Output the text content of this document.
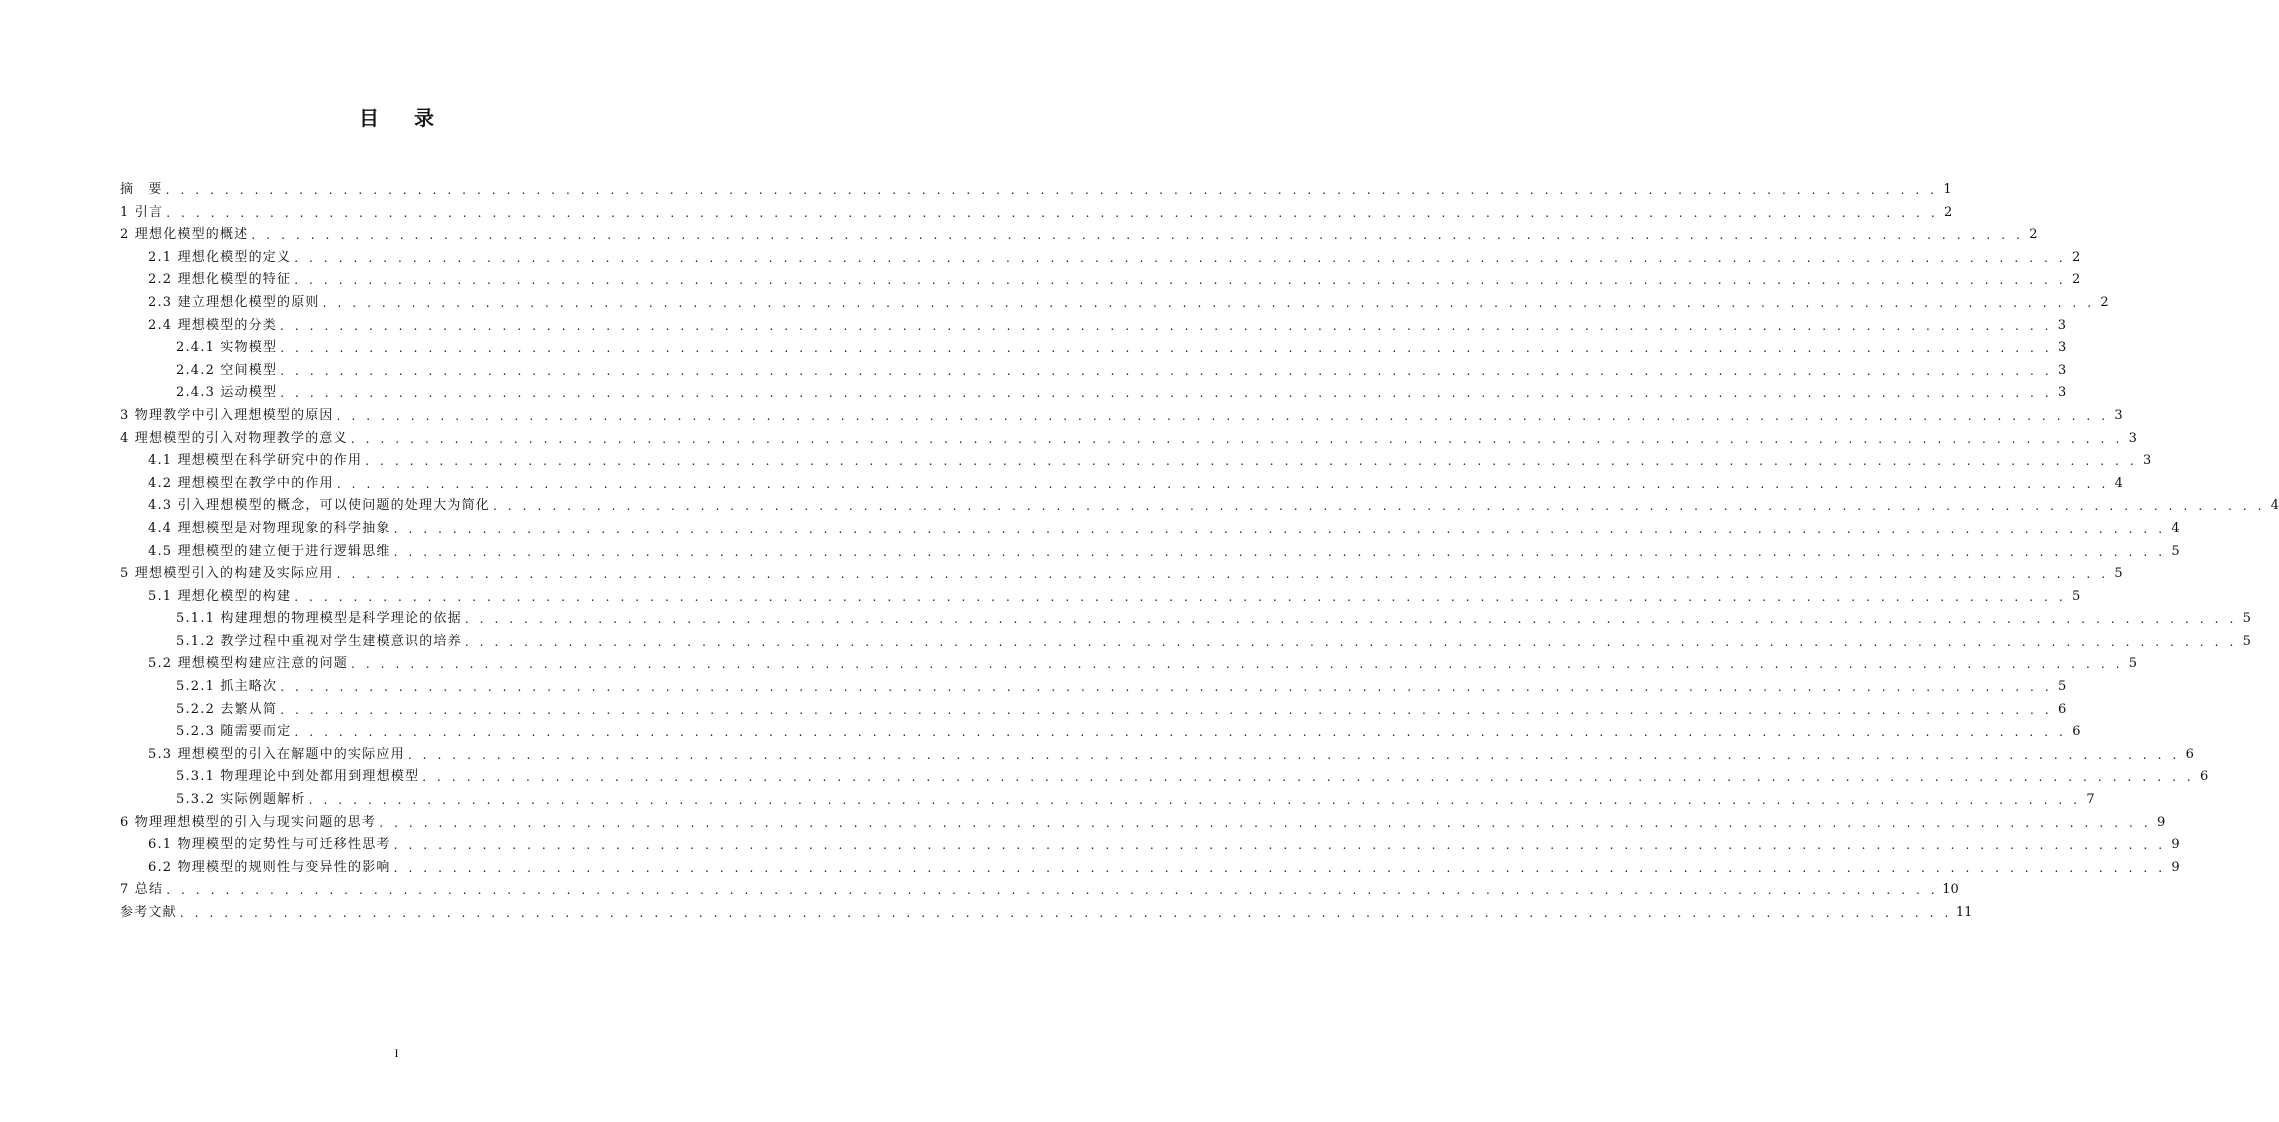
目 录
摘　要 . . . . . . . . . . . . . . . . . . . . . . . . . . . . . . . . . . . . . . . . . . . . . . . . . . . . . . . . . . . . . . . . . . . . . . . . . . . . . . . . . . . . . . . . . . . . . . . . . . . . . . . . . . . . . . . . . . . . . . . . 1
1 引言 . . . . . . . . . . . . . . . . . . . . . . . . . . . . . . . . . . . . . . . . . . . . . . . . . . . . . . . . . . . . . . . . . . . . . . . . . . . . . . . . . . . . . . . . . . . . . . . . . . . . . . . . . . . . . . . . . . . . . . . . 2
2 理想化模型的概述 . . . . . . . . . . . . . . . . . . . . . . . . . . . . . . . . . . . . . . . . . . . . . . . . . . . . . . . . . . . . . . . . . . . . . . . . . . . . . . . . . . . . . . . . . . . . . . . . . . . . . . . . . . . . . . . . . . . . . . . . 2
2.1 理想化模型的定义 . . . . . . . . . . . . . . . . . . . . . . . . . . . . . . . . . . . . . . . . . . . . . . . . . . . . . . . . . . . . . . . . . . . . . . . . . . . . . . . . . . . . . . . . . . . . . . . . . . . . . . . . . . . . . . . . . . . . . . . . 2
2.2 理想化模型的特征 . . . . . . . . . . . . . . . . . . . . . . . . . . . . . . . . . . . . . . . . . . . . . . . . . . . . . . . . . . . . . . . . . . . . . . . . . . . . . . . . . . . . . . . . . . . . . . . . . . . . . . . . . . . . . . . . . . . . . . . . 2
2.3 建立理想化模型的原则 . . . . . . . . . . . . . . . . . . . . . . . . . . . . . . . . . . . . . . . . . . . . . . . . . . . . . . . . . . . . . . . . . . . . . . . . . . . . . . . . . . . . . . . . . . . . . . . . . . . . . . . . . . . . . . . . . . . . . . . . 2
2.4 理想模型的分类 . . . . . . . . . . . . . . . . . . . . . . . . . . . . . . . . . . . . . . . . . . . . . . . . . . . . . . . . . . . . . . . . . . . . . . . . . . . . . . . . . . . . . . . . . . . . . . . . . . . . . . . . . . . . . . . . . . . . . . . . 3
2.4.1 实物模型 . . . . . . . . . . . . . . . . . . . . . . . . . . . . . . . . . . . . . . . . . . . . . . . . . . . . . . . . . . . . . . . . . . . . . . . . . . . . . . . . . . . . . . . . . . . . . . . . . . . . . . . . . . . . . . . . . . . . . . . . 3
2.4.2 空间模型 . . . . . . . . . . . . . . . . . . . . . . . . . . . . . . . . . . . . . . . . . . . . . . . . . . . . . . . . . . . . . . . . . . . . . . . . . . . . . . . . . . . . . . . . . . . . . . . . . . . . . . . . . . . . . . . . . . . . . . . . 3
2.4.3 运动模型 . . . . . . . . . . . . . . . . . . . . . . . . . . . . . . . . . . . . . . . . . . . . . . . . . . . . . . . . . . . . . . . . . . . . . . . . . . . . . . . . . . . . . . . . . . . . . . . . . . . . . . . . . . . . . . . . . . . . . . . . 3
3 物理教学中引入理想模型的原因 . . . . . . . . . . . . . . . . . . . . . . . . . . . . . . . . . . . . . . . . . . . . . . . . . . . . . . . . . . . . . . . . . . . . . . . . . . . . . . . . . . . . . . . . . . . . . . . . . . . . . . . . . . . . . . . . . . . . . . . . 3
4 理想模型的引入对物理教学的意义 . . . . . . . . . . . . . . . . . . . . . . . . . . . . . . . . . . . . . . . . . . . . . . . . . . . . . . . . . . . . . . . . . . . . . . . . . . . . . . . . . . . . . . . . . . . . . . . . . . . . . . . . . . . . . . . . . . . . . . . . 3
4.1 理想模型在科学研究中的作用 . . . . . . . . . . . . . . . . . . . . . . . . . . . . . . . . . . . . . . . . . . . . . . . . . . . . . . . . . . . . . . . . . . . . . . . . . . . . . . . . . . . . . . . . . . . . . . . . . . . . . . . . . . . . . . . . . . . . . . . . 3
4.2 理想模型在教学中的作用 . . . . . . . . . . . . . . . . . . . . . . . . . . . . . . . . . . . . . . . . . . . . . . . . . . . . . . . . . . . . . . . . . . . . . . . . . . . . . . . . . . . . . . . . . . . . . . . . . . . . . . . . . . . . . . . . . . . . . . . . 4
4.3 引入理想模型的概念，可以使问题的处理大为简化 . . . . . . . . . . . . . . . . . . . . . . . . . . . . . . . . . . . . . . . . . . . . . . . . . . . . . . . . . . . . . . . . . . . . . . . . . . . . . . . . . . . . . . . . . . . . . . . . . . . . . . . . . . . . . . . . . . . . . . . . 4
4.4 理想模型是对物理现象的科学抽象 . . . . . . . . . . . . . . . . . . . . . . . . . . . . . . . . . . . . . . . . . . . . . . . . . . . . . . . . . . . . . . . . . . . . . . . . . . . . . . . . . . . . . . . . . . . . . . . . . . . . . . . . . . . . . . . . . . . . . . . . 4
4.5 理想模型的建立便于进行逻辑思维 . . . . . . . . . . . . . . . . . . . . . . . . . . . . . . . . . . . . . . . . . . . . . . . . . . . . . . . . . . . . . . . . . . . . . . . . . . . . . . . . . . . . . . . . . . . . . . . . . . . . . . . . . . . . . . . . . . . . . . . . 5
5 理想模型引入的构建及实际应用 . . . . . . . . . . . . . . . . . . . . . . . . . . . . . . . . . . . . . . . . . . . . . . . . . . . . . . . . . . . . . . . . . . . . . . . . . . . . . . . . . . . . . . . . . . . . . . . . . . . . . . . . . . . . . . . . . . . . . . . . 5
5.1 理想化模型的构建 . . . . . . . . . . . . . . . . . . . . . . . . . . . . . . . . . . . . . . . . . . . . . . . . . . . . . . . . . . . . . . . . . . . . . . . . . . . . . . . . . . . . . . . . . . . . . . . . . . . . . . . . . . . . . . . . . . . . . . . . 5
5.1.1 构建理想的物理模型是科学理论的依据 . . . . . . . . . . . . . . . . . . . . . . . . . . . . . . . . . . . . . . . . . . . . . . . . . . . . . . . . . . . . . . . . . . . . . . . . . . . . . . . . . . . . . . . . . . . . . . . . . . . . . . . . . . . . . . . . . . . . . . . . 5
5.1.2 教学过程中重视对学生建模意识的培养 . . . . . . . . . . . . . . . . . . . . . . . . . . . . . . . . . . . . . . . . . . . . . . . . . . . . . . . . . . . . . . . . . . . . . . . . . . . . . . . . . . . . . . . . . . . . . . . . . . . . . . . . . . . . . . . . . . . . . . . . 5
5.2 理想模型构建应注意的问题 . . . . . . . . . . . . . . . . . . . . . . . . . . . . . . . . . . . . . . . . . . . . . . . . . . . . . . . . . . . . . . . . . . . . . . . . . . . . . . . . . . . . . . . . . . . . . . . . . . . . . . . . . . . . . . . . . . . . . . . . 5
5.2.1 抓主略次 . . . . . . . . . . . . . . . . . . . . . . . . . . . . . . . . . . . . . . . . . . . . . . . . . . . . . . . . . . . . . . . . . . . . . . . . . . . . . . . . . . . . . . . . . . . . . . . . . . . . . . . . . . . . . . . . . . . . . . . . 5
5.2.2 去繁从简 . . . . . . . . . . . . . . . . . . . . . . . . . . . . . . . . . . . . . . . . . . . . . . . . . . . . . . . . . . . . . . . . . . . . . . . . . . . . . . . . . . . . . . . . . . . . . . . . . . . . . . . . . . . . . . . . . . . . . . . . 6
5.2.3 随需要而定 . . . . . . . . . . . . . . . . . . . . . . . . . . . . . . . . . . . . . . . . . . . . . . . . . . . . . . . . . . . . . . . . . . . . . . . . . . . . . . . . . . . . . . . . . . . . . . . . . . . . . . . . . . . . . . . . . . . . . . . . 6
5.3 理想模型的引入在解题中的实际应用 . . . . . . . . . . . . . . . . . . . . . . . . . . . . . . . . . . . . . . . . . . . . . . . . . . . . . . . . . . . . . . . . . . . . . . . . . . . . . . . . . . . . . . . . . . . . . . . . . . . . . . . . . . . . . . . . . . . . . . . . 6
5.3.1 物理理论中到处都用到理想模型 . . . . . . . . . . . . . . . . . . . . . . . . . . . . . . . . . . . . . . . . . . . . . . . . . . . . . . . . . . . . . . . . . . . . . . . . . . . . . . . . . . . . . . . . . . . . . . . . . . . . . . . . . . . . . . . . . . . . . . . . 6
5.3.2 实际例题解析 . . . . . . . . . . . . . . . . . . . . . . . . . . . . . . . . . . . . . . . . . . . . . . . . . . . . . . . . . . . . . . . . . . . . . . . . . . . . . . . . . . . . . . . . . . . . . . . . . . . . . . . . . . . . . . . . . . . . . . . . 7
6 物理理想模型的引入与现实问题的思考 . . . . . . . . . . . . . . . . . . . . . . . . . . . . . . . . . . . . . . . . . . . . . . . . . . . . . . . . . . . . . . . . . . . . . . . . . . . . . . . . . . . . . . . . . . . . . . . . . . . . . . . . . . . . . . . . . . . . . . . . 9
6.1 物理模型的定势性与可迁移性思考 . . . . . . . . . . . . . . . . . . . . . . . . . . . . . . . . . . . . . . . . . . . . . . . . . . . . . . . . . . . . . . . . . . . . . . . . . . . . . . . . . . . . . . . . . . . . . . . . . . . . . . . . . . . . . . . . . . . . . . . . 9
6.2 物理模型的规则性与变异性的影响 . . . . . . . . . . . . . . . . . . . . . . . . . . . . . . . . . . . . . . . . . . . . . . . . . . . . . . . . . . . . . . . . . . . . . . . . . . . . . . . . . . . . . . . . . . . . . . . . . . . . . . . . . . . . . . . . . . . . . . . . 9
7 总结 . . . . . . . . . . . . . . . . . . . . . . . . . . . . . . . . . . . . . . . . . . . . . . . . . . . . . . . . . . . . . . . . . . . . . . . . . . . . . . . . . . . . . . . . . . . . . . . . . . . . . . . . . . . . . . . . . . . . . . . . 10
参考文献 . . . . . . . . . . . . . . . . . . . . . . . . . . . . . . . . . . . . . . . . . . . . . . . . . . . . . . . . . . . . . . . . . . . . . . . . . . . . . . . . . . . . . . . . . . . . . . . . . . . . . . . . . . . . . . . . . . . . . . . . 11
I
